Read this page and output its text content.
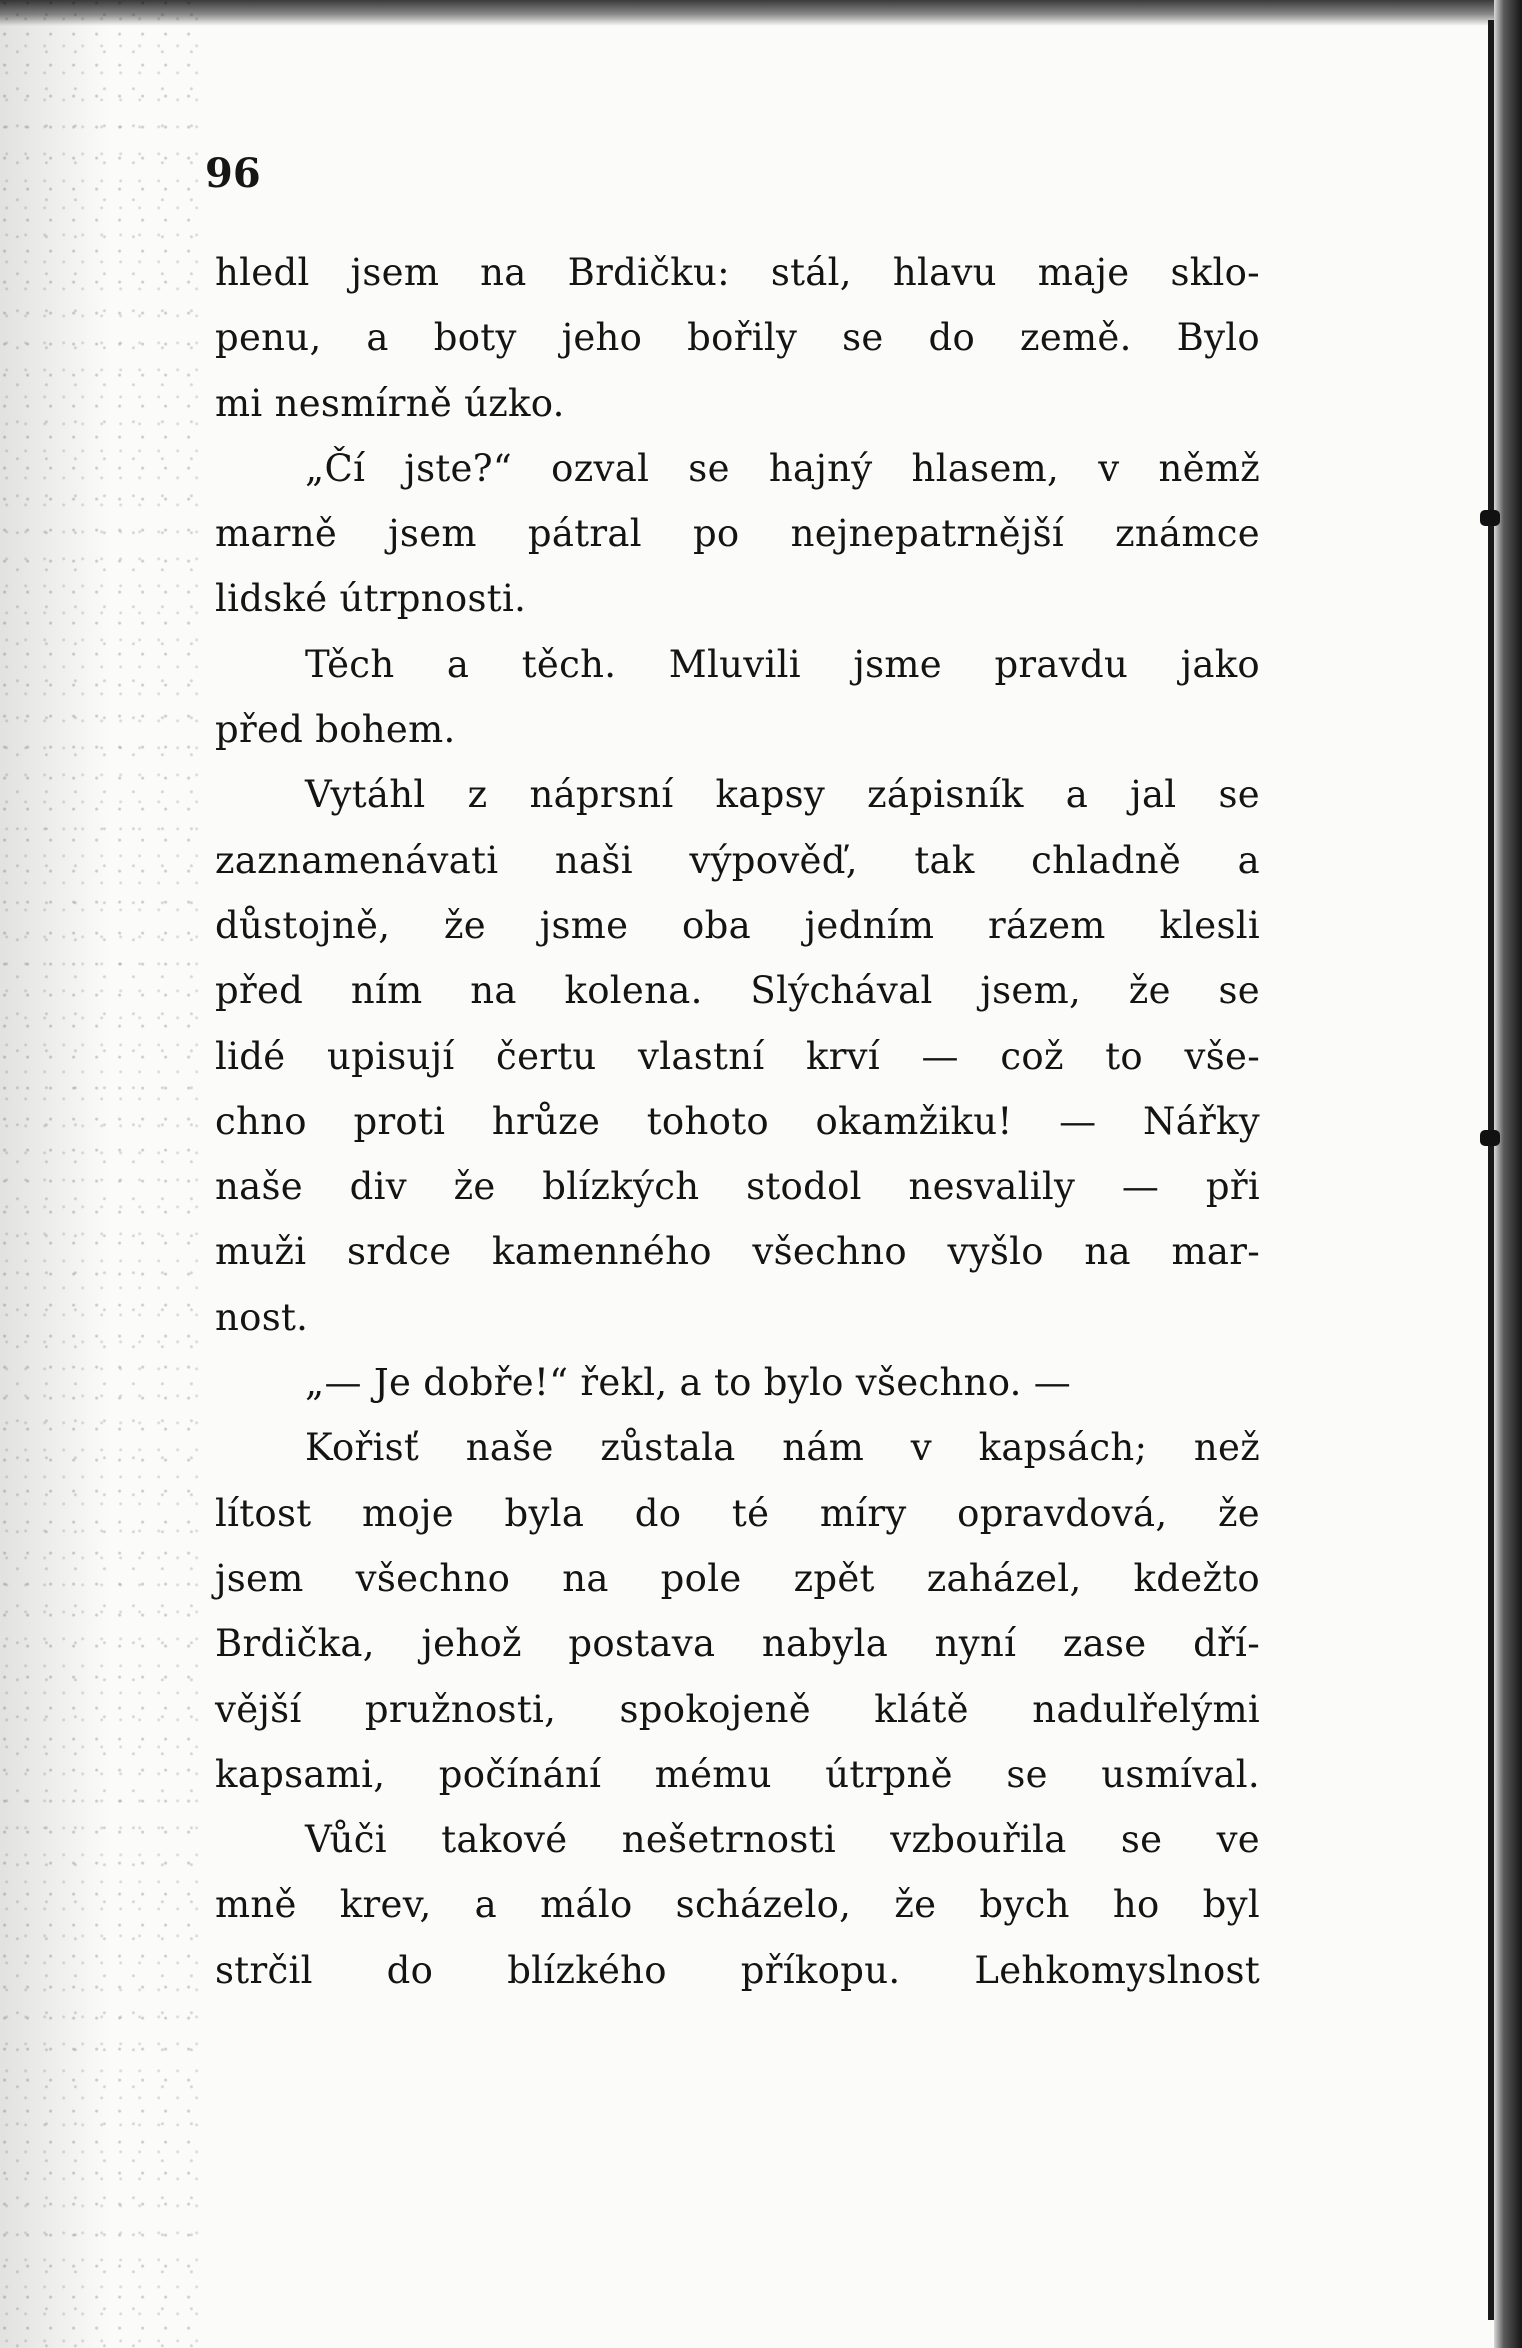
96

hledl jsem na Brdičku: stál, hlavu maje sklo-
penu, a boty jeho bořily se do země. Bylo
mi nesmírně úzko.
„Čí jste?“ ozval se hajný hlasem, v němž
marně jsem pátral po nejnepatrnější známce
lidské útrpnosti.
Těch a těch. Mluvili jsme pravdu jako
před bohem.
Vytáhl z náprsní kapsy zápisník a jal se
zaznamenávati naši výpověď, tak chladně a
důstojně, že jsme oba jedním rázem klesli
před ním na kolena. Slýchával jsem, že se
lidé upisují čertu vlastní krví — což to vše-
chno proti hrůze tohoto okamžiku! — Nářky
naše div že blízkých stodol nesvalily — při
muži srdce kamenného všechno vyšlo na mar-
nost.
„— Je dobře!“ řekl, a to bylo všechno. —
Kořisť naše zůstala nám v kapsách; než
lítost moje byla do té míry opravdová, že
jsem všechno na pole zpět zaházel, kdežto
Brdička, jehož postava nabyla nyní zase dří-
vější pružnosti, spokojeně klátě nadulřelými
kapsami, počínání mému útrpně se usmíval.
Vůči takové nešetrnosti vzbouřila se ve
mně krev, a málo scházelo, že bych ho byl
strčil do blízkého příkopu. Lehkomyslnost
